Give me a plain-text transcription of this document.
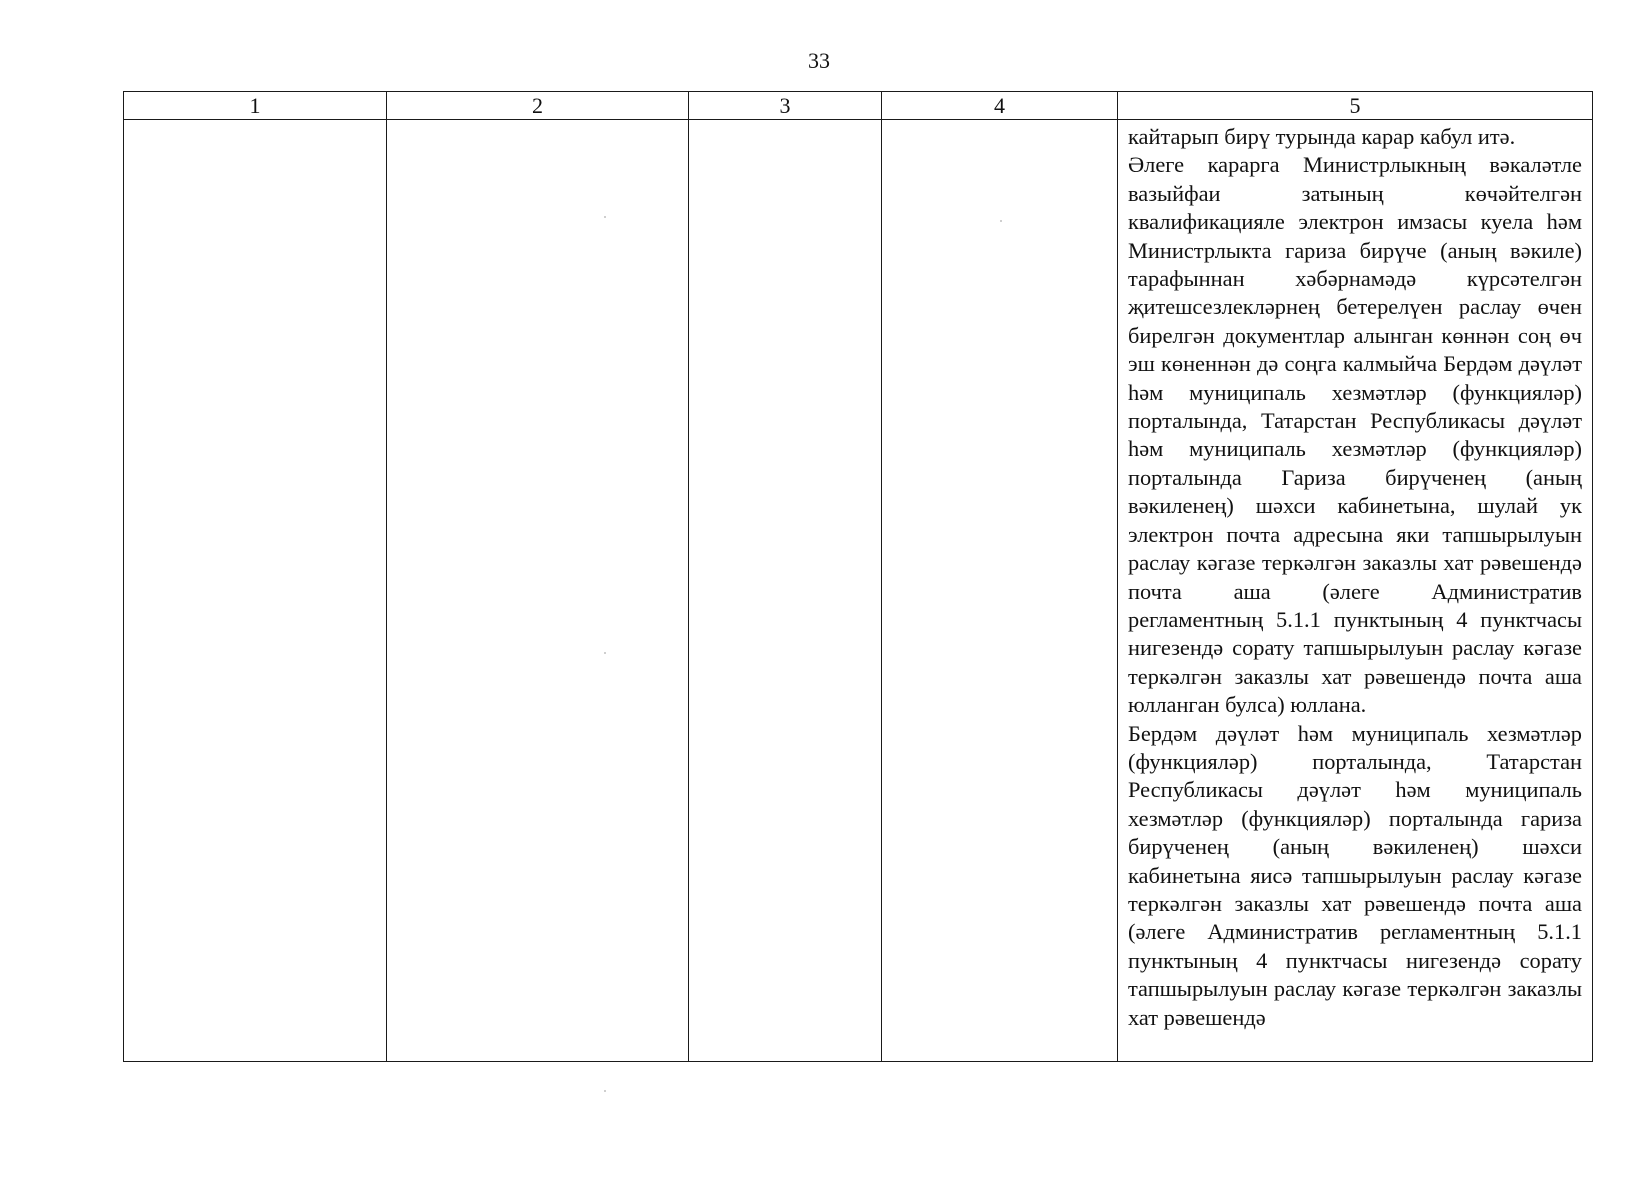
33
1	2	3	4	5

				кайтарып бирү турында карар кабул итә.

Әлеге карарга Министрлыкның вәкаләтле вазыйфаи затының көчәйтелгән квалификацияле электрон имзасы куела һәм Министрлыкта гариза бирүче (аның вәкиле) тарафыннан хәбәрнамәдә күрсәтелгән җитешсезлекләрнең бетерелүен раслау өчен бирелгән документлар алынган көннән соң өч эш көненнән дә соңга калмыйча Бердәм дәүләт һәм муниципаль хезмәтләр (функцияләр) порталында, Татарстан Республикасы дәүләт һәм муниципаль хезмәтләр (функцияләр) порталында Гариза бирүченең (аның вәкиленең) шәхси кабинетына, шулай ук электрон почта адресына яки тапшырылуын раслау кәгазе теркәлгән заказлы хат рәвешендә почта аша (әлеге Административ регламентның 5.1.1 пунктының 4 пунктчасы нигезендә сорату тапшырылуын раслау кәгазе теркәлгән заказлы хат рәвешендә почта аша юлланган булса) юллана.

Бердәм дәүләт һәм муниципаль хезмәтләр (функцияләр) порталында, Татарстан Республикасы дәүләт һәм муниципаль хезмәтләр (функцияләр) порталында гариза бирүченең (аның вәкиленең) шәхси кабинетына яисә тапшырылуын раслау кәгазе теркәлгән заказлы хат рәвешендә почта аша (әлеге Административ регламентның 5.1.1 пунктының 4 пунктчасы нигезендә сорату тапшырылуын раслау кәгазе теркәлгән заказлы хат рәвешендә
